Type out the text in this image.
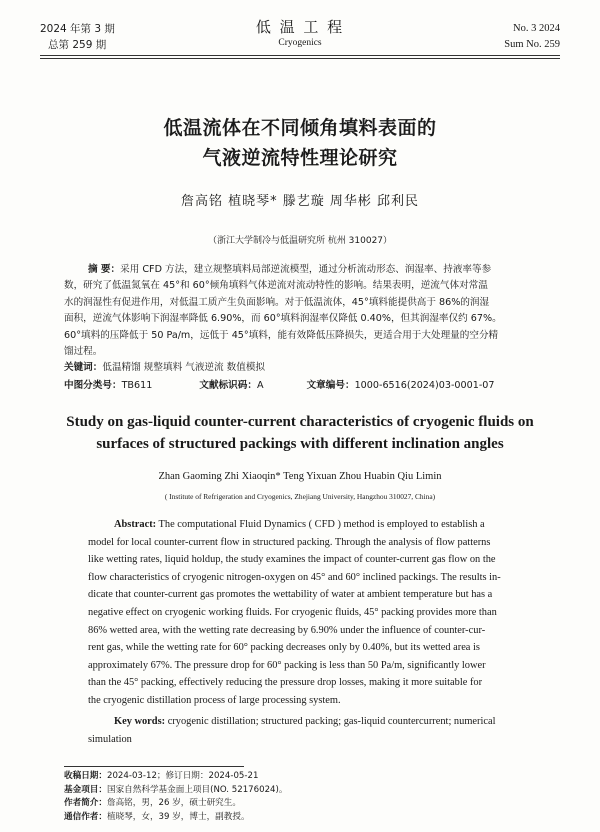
2024 年第 3 期
总第 259 期
低 温 工 程
Cryogenics
No. 3 2024
Sum No. 259
低温流体在不同倾角填料表面的
气液逆流特性理论研究
詹高铭 植晓琴* 滕艺璇 周华彬 邱利民
（浙江大学制冷与低温研究所 杭州 310027）
摘 要：采用 CFD 方法，建立规整填料局部逆流模型，通过分析流动形态、润湿率、持液率等参
数，研究了低温氮氧在 45°和 60°倾角填料气体逆流对流动特性的影响。结果表明，逆流气体对常温
水的润湿性有促进作用，对低温工质产生负面影响。对于低温流体，45°填料能提供高于 86%的润湿
面积，逆流气体影响下润湿率降低 6.90%，而 60°填料润湿率仅降低 0.40%，但其润湿率仅约 67%。
60°填料的压降低于 50 Pa/m，远低于 45°填料，能有效降低压降损失，更适合用于大处理量的空分精
馏过程。
关键词：低温精馏 规整填料 气液逆流 数值模拟
中图分类号：TB611	文献标识码：A	文章编号：1000-6516(2024)03-0001-07
Study on gas-liquid counter-current characteristics of cryogenic fluids on
surfaces of structured packings with different inclination angles
Zhan Gaoming Zhi Xiaoqin* Teng Yixuan Zhou Huabin Qiu Limin
( Institute of Refrigeration and Cryogenics, Zhejiang University, Hangzhou 310027, China)
Abstract: The computational Fluid Dynamics ( CFD ) method is employed to establish a
model for local counter-current flow in structured packing. Through the analysis of flow patterns
like wetting rates, liquid holdup, the study examines the impact of counter-current gas flow on the
flow characteristics of cryogenic nitrogen-oxygen on 45° and 60° inclined packings. The results in-
dicate that counter-current gas promotes the wettability of water at ambient temperature but has a
negative effect on cryogenic working fluids. For cryogenic fluids, 45° packing provides more than
86% wetted area, with the wetting rate decreasing by 6.90% under the influence of counter-cur-
rent gas, while the wetting rate for 60° packing decreases only by 0.40%, but its wetted area is
approximately 67%. The pressure drop for 60° packing is less than 50 Pa/m, significantly lower
than the 45° packing, effectively reducing the pressure drop losses, making it more suitable for
the cryogenic distillation process of large processing system.
Key words: cryogenic distillation; structured packing; gas-liquid countercurrent; numerical
simulation
收稿日期：2024-03-12；修订日期：2024-05-21
基金项目：国家自然科学基金面上项目(NO. 52176024)。
作者简介：詹高铭，男，26 岁，硕士研究生。
通信作者：植晓琴，女，39 岁，博士，副教授。
